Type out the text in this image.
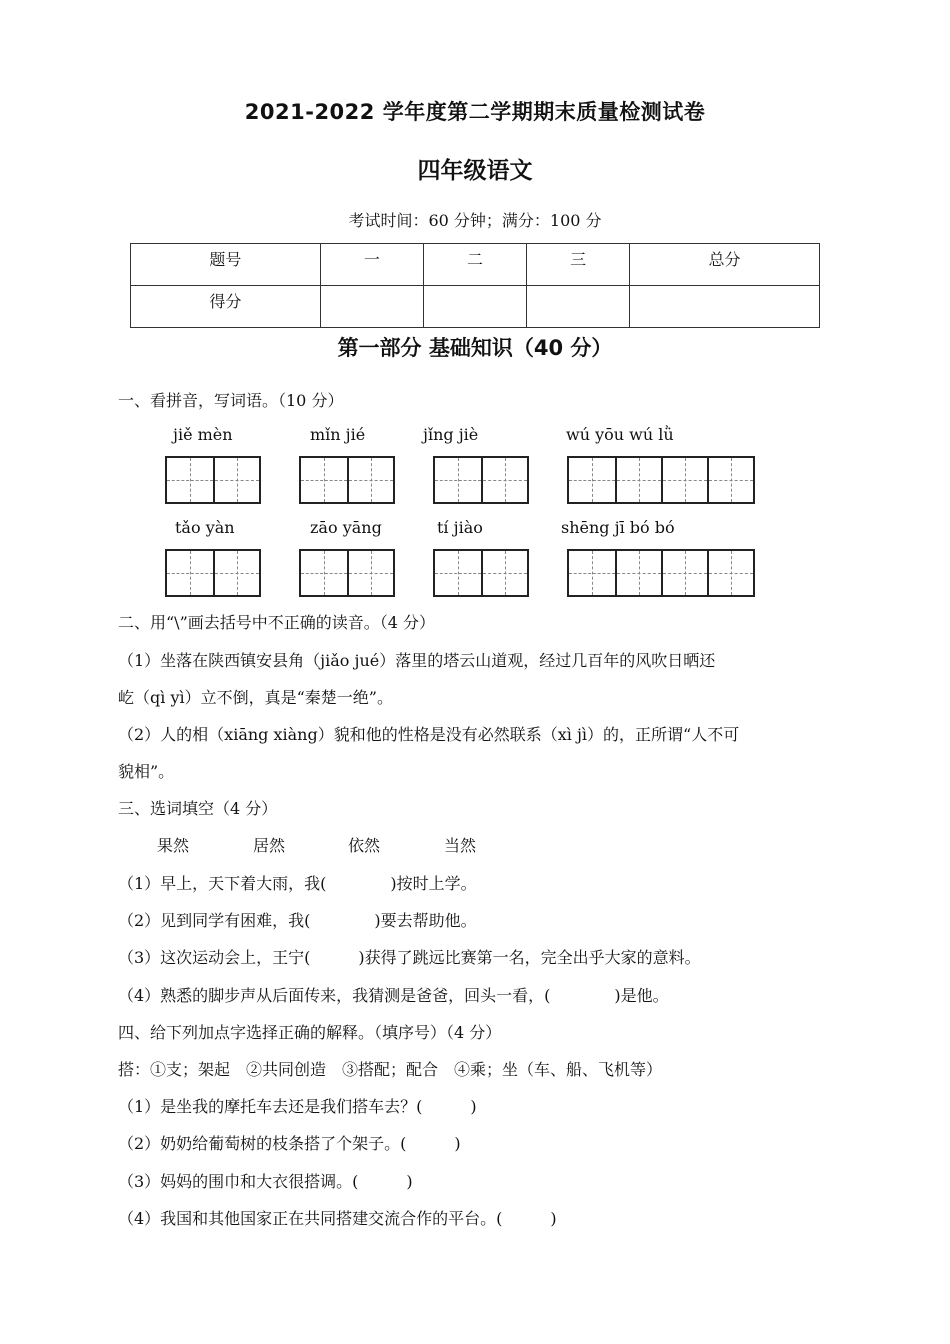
2021-2022 学年度第二学期期末质量检测试卷
四年级语文
考试时间：60 分钟；满分：100 分
题号	一	二	三	总分
得分				
第一部分 基础知识（40 分）
一、看拼音，写词语。（10 分）
jiě mèn	mǐn jié	jǐng jiè	wú yōu wú lǜ
tǎo yàn	zāo yāng	tí jiào	shēng jī bó bó
二、用“\”画去括号中不正确的读音。（4 分）
（1）坐落在陕西镇安县角（jiǎo jué）落里的塔云山道观，经过几百年的风吹日晒还
屹（qì yì）立不倒，真是“秦楚一绝”。
（2）人的相（xiāng xiàng）貌和他的性格是没有必然联系（xì jì）的，正所谓“人不可
貌相”。
三、选词填空（4 分）
果然	居然	依然	当然
（1）早上，天下着大雨，我(　　　　)按时上学。
（2）见到同学有困难，我(　　　　)要去帮助他。
（3）这次运动会上，王宁(　　　)获得了跳远比赛第一名，完全出乎大家的意料。
（4）熟悉的脚步声从后面传来，我猜测是爸爸，回头一看，(　　　　)是他。
四、给下列加点字选择正确的解释。（填序号）（4 分）
搭：①支；架起　②共同创造　③搭配；配合　④乘；坐（车、船、飞机等）
（1）是坐我的摩托车去还是我们搭车去？(　　　)
（2）奶奶给葡萄树的枝条搭了个架子。(　　　)
（3）妈妈的围巾和大衣很搭调。(　　　)
（4）我国和其他国家正在共同搭建交流合作的平台。(　　　)
